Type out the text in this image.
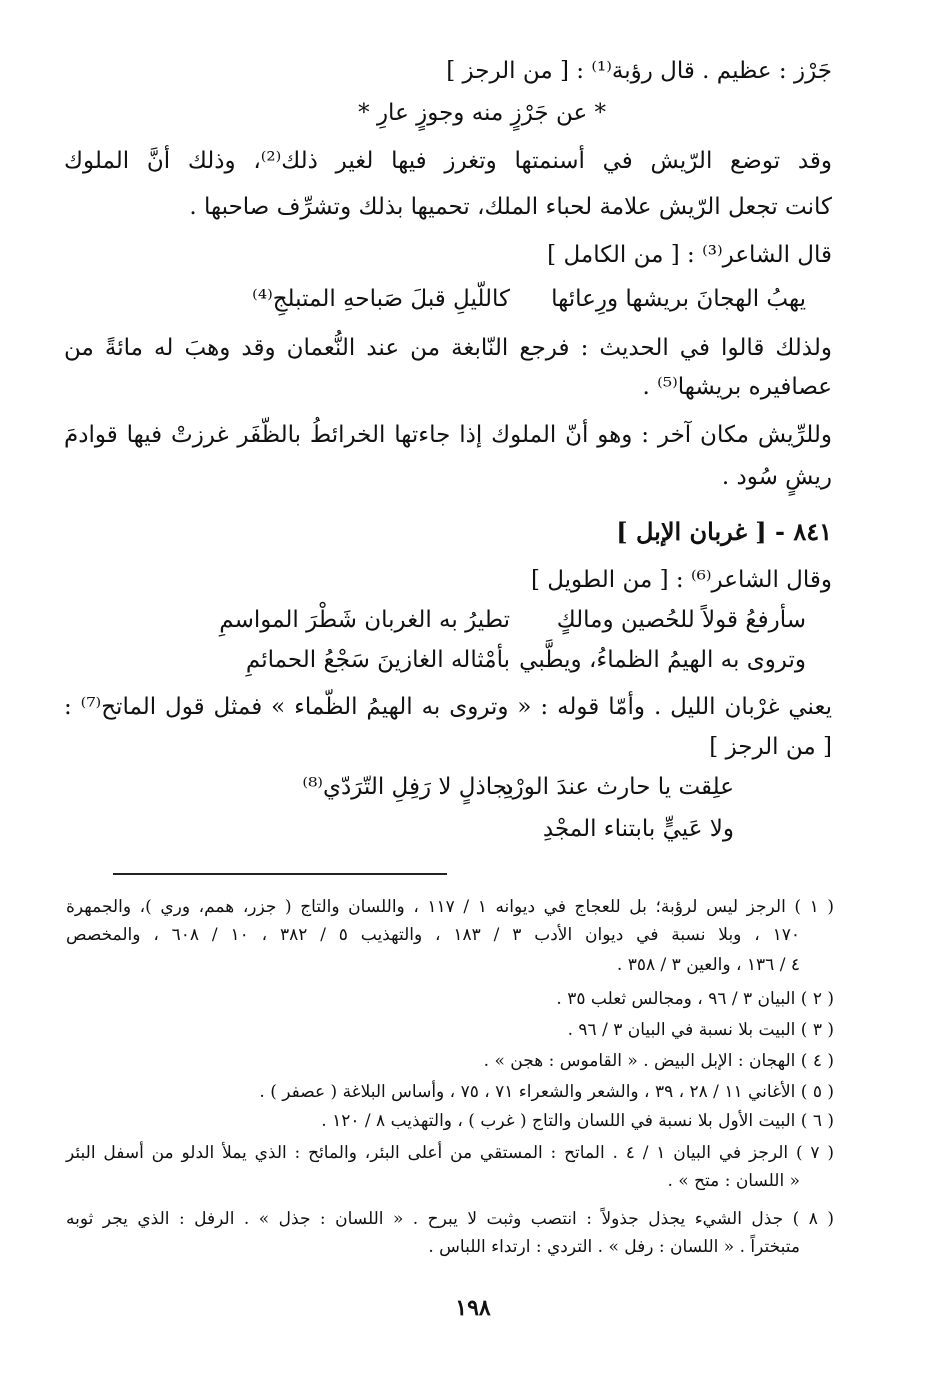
جَرْز : عظيم . قال رؤبة⁽¹⁾ : [ من الرجز ]
* عن جَرْزٍ منه وجوزٍ عارِ *
وقد توضع الرّيش في أسنمتها وتغرز فيها لغير ذلك⁽²⁾، وذلك أنَّ الملوك
كانت تجعل الرّيش علامة لحباء الملك، تحميها بذلك وتشرِّف صاحبها .
قال الشاعر⁽³⁾ : [ من الكامل ]
يهبُ الهجانَ بريشها ورِعائها
كاللّيلِ قبلَ صَباحهِ المتبلجِ⁽⁴⁾
ولذلك قالوا في الحديث : فرجع النّابغة من عند النُّعمان وقد وهبَ له مائةً من
عصافيره بريشها⁽⁵⁾ .
وللرِّيش مكان آخر : وهو أنّ الملوك إذا جاءتها الخرائطُ بالظّفَر غرزتْ فيها قوادمَ
ريشٍ سُود .
٨٤١ - [ غربان الإبل ]
وقال الشاعر⁽⁶⁾ : [ من الطويل ]
سأرفعُ قولاً للحُصين ومالكٍ
تطيرُ به الغربان شَطْرَ المواسمِ
وتروى به الهيمُ الظماءُ، ويطَّبي
بأمْثاله الغازينَ سَجْعُ الحمائمِ
يعني غرْبان الليل . وأمّا قوله : « وتروى به الهيمُ الظّماء » فمثل قول الماتح⁽⁷⁾ :
[ من الرجز ]
علِقت يا حارث عندَ الورْدِ
بجاذلٍ لا رَفِلِ التّرَدّي⁽⁸⁾
ولا عَييٍّ بابتناء المجْدِ
( ١ ) الرجز ليس لرؤبة؛ بل للعجاج في ديوانه ١ / ١١٧ ، واللسان والتاج ( جزر، همم، وري )، والجمهرة
١٧٠ ، وبلا نسبة في ديوان الأدب ٣ / ١٨٣ ، والتهذيب ٥ / ٣٨٢ ، ١٠ / ٦٠٨ ، والمخصص
٤ / ١٣٦ ، والعين ٣ / ٣٥٨ .
( ٢ ) البيان ٣ / ٩٦ ، ومجالس ثعلب ٣٥ .
( ٣ ) البيت بلا نسبة في البيان ٣ / ٩٦ .
( ٤ ) الهجان : الإبل البيض . « القاموس : هجن » .
( ٥ ) الأغاني ١١ / ٢٨ ، ٣٩ ، والشعر والشعراء ٧١ ، ٧٥ ، وأساس البلاغة ( عصفر ) .
( ٦ ) البيت الأول بلا نسبة في اللسان والتاج ( غرب ) ، والتهذيب ٨ / ١٢٠ .
( ٧ ) الرجز في البيان ١ / ٤ . الماتح : المستقي من أعلى البئر، والمائح : الذي يملأ الدلو من أسفل البئر
« اللسان : متح » .
( ٨ ) جذل الشيء يجذل جذولاً : انتصب وثبت لا يبرح . « اللسان : جذل » . الرفل : الذي يجر ثوبه
متبختراً . « اللسان : رفل » . التردي : ارتداء اللباس .
١٩٨
